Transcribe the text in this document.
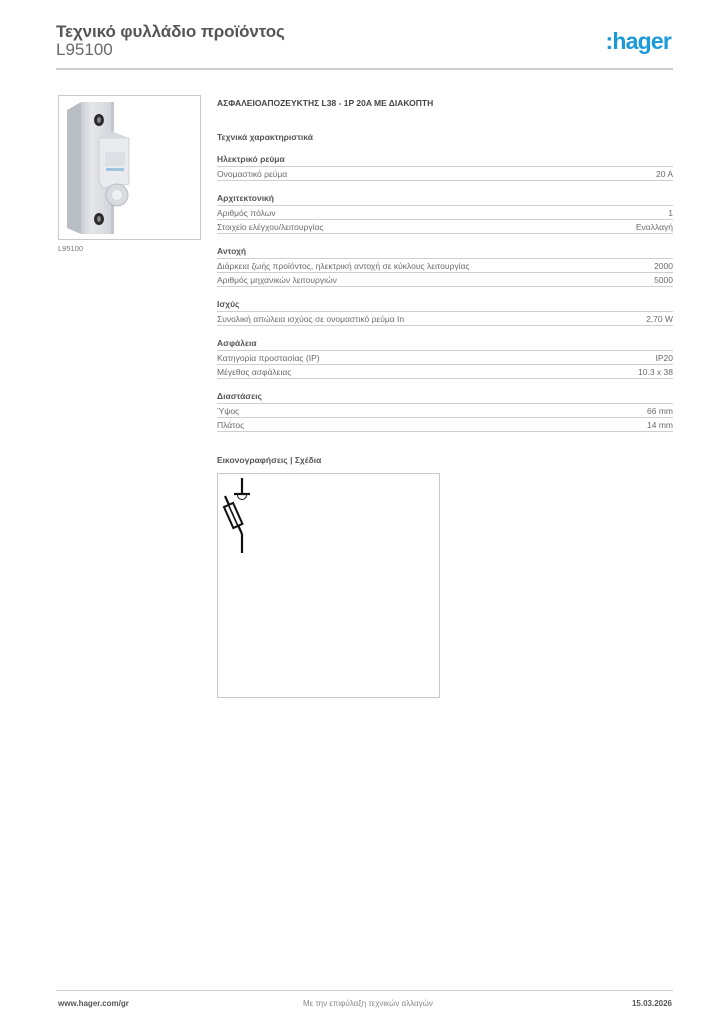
Τεχνικό φυλλάδιο προϊόντος
L95100	:hager
L95100
ΑΣΦΑΛΕΙΟΑΠΟΖΕΥΚΤΗΣ L38 - 1P 20A ΜΕ ΔΙΑΚΟΠΤΗ
Τεχνικά χαρακτηριστικά
Ηλεκτρικό ρεύμα
Ονομαστικό ρεύμα	20 A
Αρχιτεκτονική
Αριθμός πόλων	1
Στοιχείο ελέγχου/λειτουργίας	Εναλλαγή
Αντοχή
Διάρκεια ζωής προϊόντος, ηλεκτρική αντοχή σε κύκλους λειτουργίας	2000
Αριθμός μηχανικών λειτουργιών	5000
Ισχύς
Συνολική απώλεια ισχύος σε ονομαστικό ρεύμα In	2,70 W
Ασφάλεια
Κατηγορία προστασίας (IP)	IP20
Μέγεθος ασφάλειας	10.3 x 38
Διαστάσεις
Ύψος	66 mm
Πλάτος	14 mm
Εικονογραφήσεις | Σχέδια
www.hager.com/gr	Με την επιφύλαξη τεχνικών αλλαγών	15.03.2026
